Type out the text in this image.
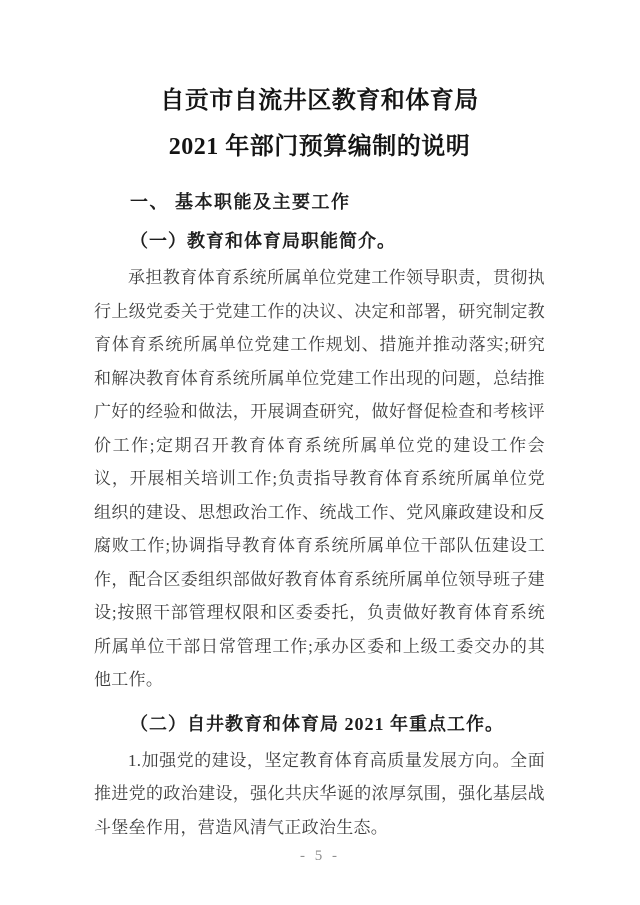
自贡市自流井区教育和体育局
2021 年部门预算编制的说明
一、 基本职能及主要工作
（一）教育和体育局职能简介。
承担教育体育系统所属单位党建工作领导职责，贯彻执
行上级党委关于党建工作的决议、决定和部署，研究制定教
育体育系统所属单位党建工作规划、措施并推动落实;研究
和解决教育体育系统所属单位党建工作出现的问题，总结推
广好的经验和做法，开展调查研究，做好督促检查和考核评
价工作;定期召开教育体育系统所属单位党的建设工作会
议，开展相关培训工作;负责指导教育体育系统所属单位党
组织的建设、思想政治工作、统战工作、党风廉政建设和反
腐败工作;协调指导教育体育系统所属单位干部队伍建设工
作，配合区委组织部做好教育体育系统所属单位领导班子建
设;按照干部管理权限和区委委托，负责做好教育体育系统
所属单位干部日常管理工作;承办区委和上级工委交办的其
他工作。
（二）自井教育和体育局 2021 年重点工作。
1.加强党的建设，坚定教育体育高质量发展方向。全面
推进党的政治建设，强化共庆华诞的浓厚氛围，强化基层战
斗堡垒作用，营造风清气正政治生态。
- 5 -
